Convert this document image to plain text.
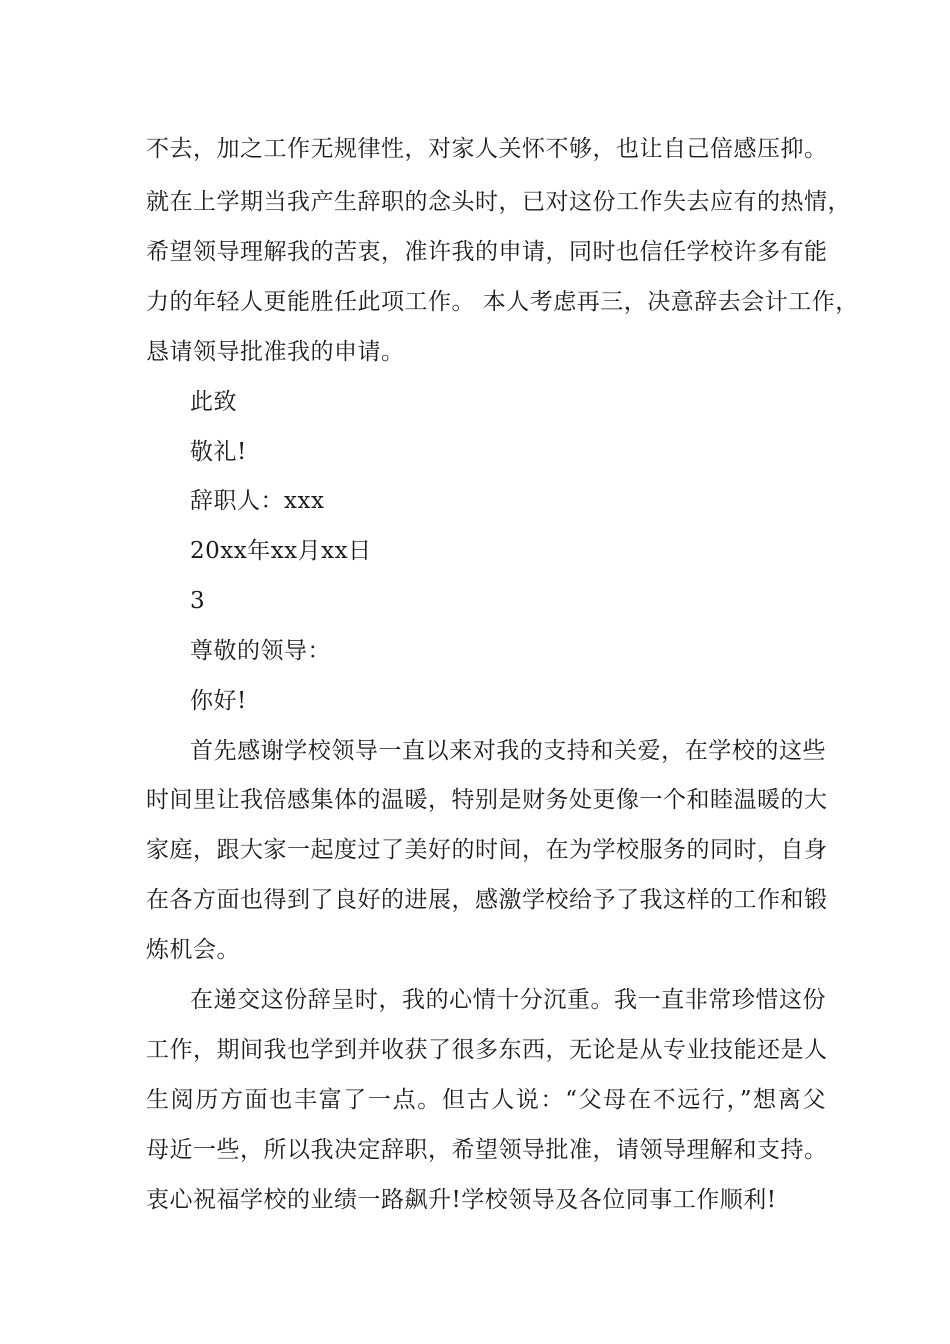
不去，加之工作无规律性，对家人关怀不够，也让自己倍感压抑。
就在上学期当我产生辞职的念头时，已对这份工作失去应有的热情，
希望领导理解我的苦衷，准许我的申请，同时也信任学校许多有能
力的年轻人更能胜任此项工作。 本人考虑再三，决意辞去会计工作，
恳请领导批准我的申请。
此致
敬礼!
辞职人：xxx
20xx年xx月xx日
3
尊敬的领导：
你好!
首先感谢学校领导一直以来对我的支持和关爱，在学校的这些
时间里让我倍感集体的温暖，特别是财务处更像一个和睦温暖的大
家庭，跟大家一起度过了美好的时间，在为学校服务的同时，自身
在各方面也得到了良好的进展，感激学校给予了我这样的工作和锻
炼机会。
在递交这份辞呈时，我的心情十分沉重。我一直非常珍惜这份
工作，期间我也学到并收获了很多东西，无论是从专业技能还是人
生阅历方面也丰富了一点。但古人说：“父母在不远行，”想离父
母近一些，所以我决定辞职，希望领导批准，请领导理解和支持。
衷心祝福学校的业绩一路飙升!学校领导及各位同事工作顺利!
